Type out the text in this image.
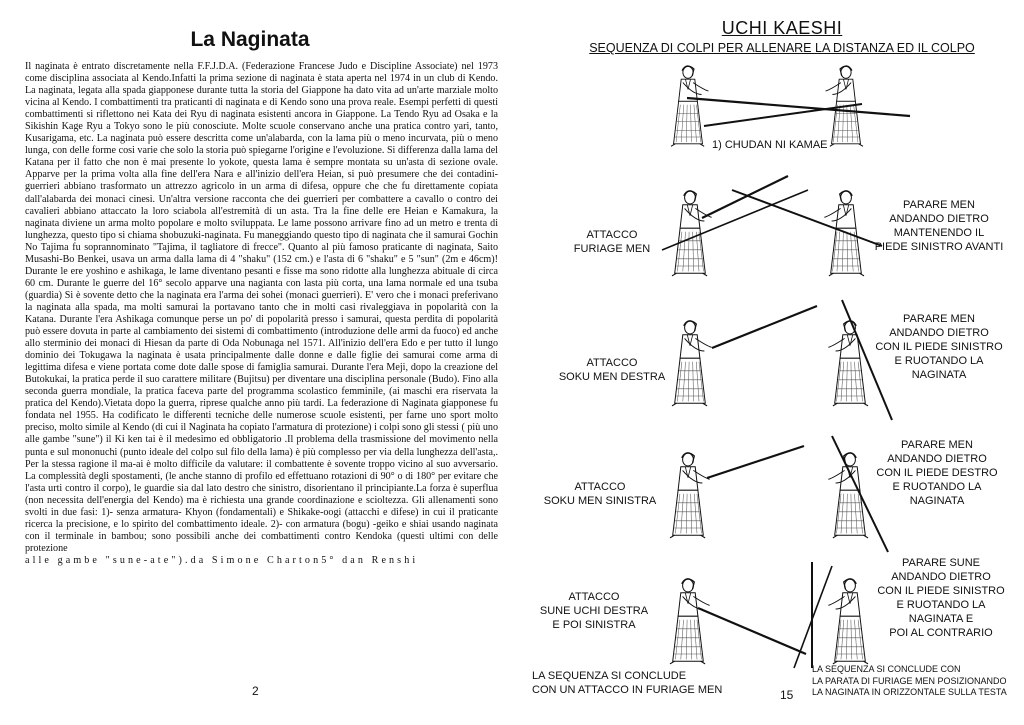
La Naginata
Il naginata è entrato discretamente nella F.F.J.D.A. (Federazione Francese Judo e Discipline Associate) nel 1973 come disciplina associata al Kendo.Infatti la prima sezione di naginata è stata aperta nel 1974 in un club di Kendo. La naginata, legata alla spada giapponese durante tutta la storia del Giappone ha dato vita ad un'arte marziale molto vicina al Kendo. I combattimenti tra praticanti di naginata e di Kendo sono una prova reale. Esempi perfetti di questi combattimenti si riflettono nei Kata dei Ryu di naginata esistenti ancora in Giappone. La Tendo Ryu ad Osaka e la Sikishin Kage Ryu a Tokyo sono le più conosciute. Molte scuole conservano anche una pratica contro yari, tanto, Kusarigama, etc. La naginata può essere descritta come un'alabarda, con la lama più o meno incurvata, più o meno lunga, con delle forme cosi varie che solo la storia può spiegarne l'origine e l'evoluzione. Si differenza dalla lama del Katana per il fatto che non è mai presente lo yokote, questa lama è sempre montata su un'asta di sezione ovale. Apparve per la prima volta alla fine dell'era Nara e all'inizio dell'era Heian, si può presumere che dei contadini-guerrieri abbiano trasformato un attrezzo agricolo in un arma di difesa, oppure che che fu direttamente copiata dall'alabarda dei monaci cinesi. Un'altra versione racconta che dei guerrieri per combattere a cavallo o contro dei cavalieri abbiano attaccato la loro sciabola all'estremità di un asta. Tra la fine delle ere Heian e Kamakura, la naginata diviene un arma molto popolare e molto sviluppata. Le lame possono arrivare fino ad un metro e trenta di lunghezza, questo tipo si chiama shobuzuki-naginata. Fu maneggiando questo tipo di naginata che il samurai Gochin No Tajima fu soprannominato "Tajima, il tagliatore di frecce". Quanto al più famoso praticante di naginata, Saito Musashi-Bo Benkei, usava un arma dalla lama di 4 "shaku" (152 cm.) e l'asta di 6 "shaku" e 5 "sun" (2m e 46cm)! Durante le ere yoshino e ashikaga, le lame diventano pesanti e fisse ma sono ridotte alla lunghezza abituale di circa 60 cm. Durante le guerre del 16° secolo apparve una nagianta con lasta più corta, una lama normale ed una tsuba (guardia) Si è sovente detto che la naginata era l'arma dei sohei (monaci guerrieri). E' vero che i monaci preferivano la naginata alla spada, ma molti samurai la portavano tanto che in molti casi rivaleggiava in popolarità con la Katana. Durante l'era Ashikaga comunque perse un po' di popolarità presso i samurai, questa perdita di popolarità può essere dovuta in parte al cambiamento dei sistemi di combattimento (introduzione delle armi da fuoco) ed anche allo sterminio dei monaci di Hiesan da parte di Oda Nobunaga nel 1571. All'inizio dell'era Edo e per tutto il lungo dominio dei Tokugawa la naginata è usata principalmente dalle donne e dalle figlie dei samurai come arma di legittima difesa e viene portata come dote dalle spose di famiglia samurai. Durante l'era Meji, dopo la creazione del Butokukai, la pratica perde il suo carattere militare (Bujitsu) per diventare una disciplina personale (Budo). Fino alla seconda guerra mondiale, la pratica faceva parte del programma scolastico femminile, (ai maschi era riservata la pratica del Kendo).Vietata dopo la guerra, riprese qualche anno più tardi. La federazione di Naginata giapponese fu fondata nel 1955. Ha codificato le differenti tecniche delle numerose scuole esistenti, per farne uno sport molto preciso, molto simile al Kendo (di cui il Naginata ha copiato l'armatura di protezione) i colpi sono gli stessi ( più uno alle gambe "sune") il Ki ken tai è il medesimo ed obbligatorio .Il problema della trasmissione del movimento nella punta e sul mononuchi (punto ideale del colpo sul filo della lama) è più complesso per via della lunghezza dell'asta,. Per la stessa ragione il ma-ai è molto difficile da valutare: il combattente è sovente troppo vicino al suo avversario. La complessità degli spostamenti, (le anche stanno di profilo ed effettuano rotazioni di 90° o di 180° per evitare che l'asta urti contro il corpo), le guardie sia dal lato destro che sinistro, disorientano il principiante.La forza è superflua (non necessita dell'energia del Kendo) ma è richiesta una grande coordinazione e scioltezza. Gli allenamenti sono svolti in due fasi: 1)- senza armatura- Khyon (fondamentali) e Shikake-oogi (attacchi e difese) in cui il praticante ricerca la precisione, e lo spirito del combattimento ideale. 2)- con armatura (bogu) -geiko e shiai usando naginata con il terminale in bambou; sono possibili anche dei combattimenti contro Kendoka (questi ultimi con delle protezione
alle gambe "sune-ate").da Simone Charton5° dan Renshi
2
UCHI KAESHI
SEQUENZA DI COLPI PER ALLENARE LA DISTANZA ED IL COLPO
1) CHUDAN NI KAMAE
ATTACCO
FURIAGE MEN
PARARE MEN
ANDANDO DIETRO
MANTENENDO IL
PIEDE SINISTRO AVANTI
ATTACCO
SOKU MEN DESTRA
PARARE MEN
ANDANDO DIETRO
CON IL PIEDE SINISTRO
E RUOTANDO LA
NAGINATA
ATTACCO
SOKU MEN SINISTRA
PARARE MEN
ANDANDO DIETRO
CON IL PIEDE DESTRO
E RUOTANDO LA
NAGINATA
ATTACCO
SUNE UCHI DESTRA
E POI SINISTRA
PARARE SUNE
ANDANDO DIETRO
CON IL PIEDE SINISTRO
E RUOTANDO LA
NAGINATA E
POI AL CONTRARIO
LA SEQUENZA SI CONCLUDE
CON UN ATTACCO IN FURIAGE MEN
LA SEQUENZA SI CONCLUDE CON
LA PARATA DI FURIAGE MEN POSIZIONANDO
LA NAGINATA IN ORIZZONTALE SULLA TESTA
15
